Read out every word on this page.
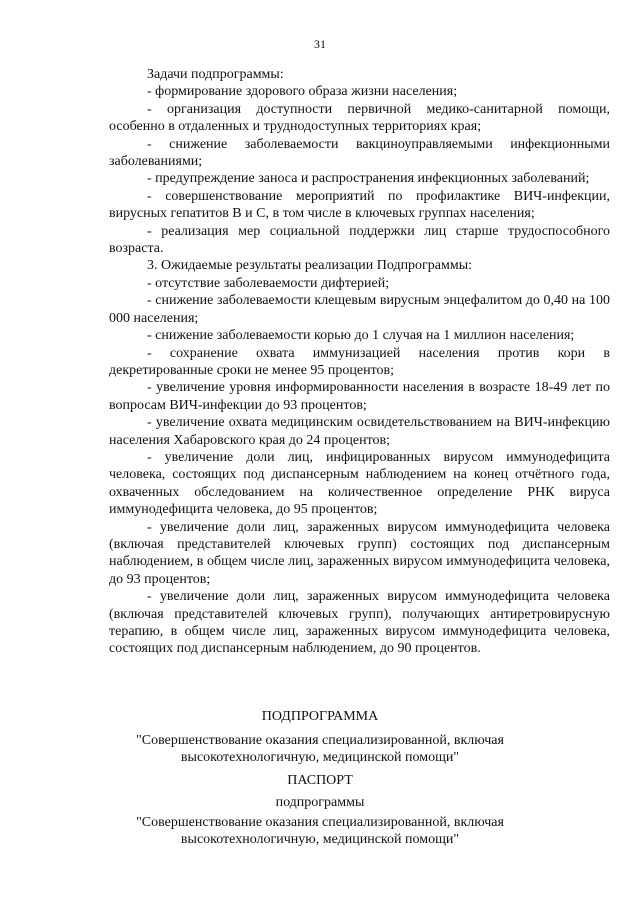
31

Задачи подпрограммы:

- формирование здорового образа жизни населения;

- организация доступности первичной медико-санитарной помощи, особенно в отдаленных и труднодоступных территориях края;

- снижение заболеваемости вакциноуправляемыми инфекционными заболеваниями;

- предупреждение заноса и распространения инфекционных заболеваний;

- совершенствование мероприятий по профилактике ВИЧ-инфекции, вирусных гепатитов В и С, в том числе в ключевых группах населения;

- реализация мер социальной поддержки лиц старше трудоспособного возраста.

3. Ожидаемые результаты реализации Подпрограммы:

- отсутствие заболеваемости дифтерией;

- снижение заболеваемости клещевым вирусным энцефалитом до 0,40 на 100 000 населения;

- снижение заболеваемости корью до 1 случая на 1 миллион населения;

- сохранение охвата иммунизацией населения против кори в декретированные сроки не менее 95 процентов;

- увеличение уровня информированности населения в возрасте 18-49 лет по вопросам ВИЧ-инфекции до 93 процентов;

- увеличение охвата медицинским освидетельствованием на ВИЧ-инфекцию населения Хабаровского края до 24 процентов;

- увеличение доли лиц, инфицированных вирусом иммунодефицита человека, состоящих под диспансерным наблюдением на конец отчётного года, охваченных обследованием на количественное определение РНК вируса иммунодефицита человека, до 95 процентов;

- увеличение доли лиц, зараженных вирусом иммунодефицита человека (включая представителей ключевых групп) состоящих под диспансерным наблюдением, в общем числе лиц, зараженных вирусом иммунодефицита человека, до 93 процентов;

- увеличение доли лиц, зараженных вирусом иммунодефицита человека (включая представителей ключевых групп), получающих антиретровирусную терапию, в общем числе лиц, зараженных вирусом иммунодефицита человека, состоящих под диспансерным наблюдением, до 90 процентов.

ПОДПРОГРАММА
"Совершенствование оказания специализированной, включая
высокотехнологичную, медицинской помощи"
ПАСПОРТ
подпрограммы
"Совершенствование оказания специализированной, включая
высокотехнологичную, медицинской помощи"
